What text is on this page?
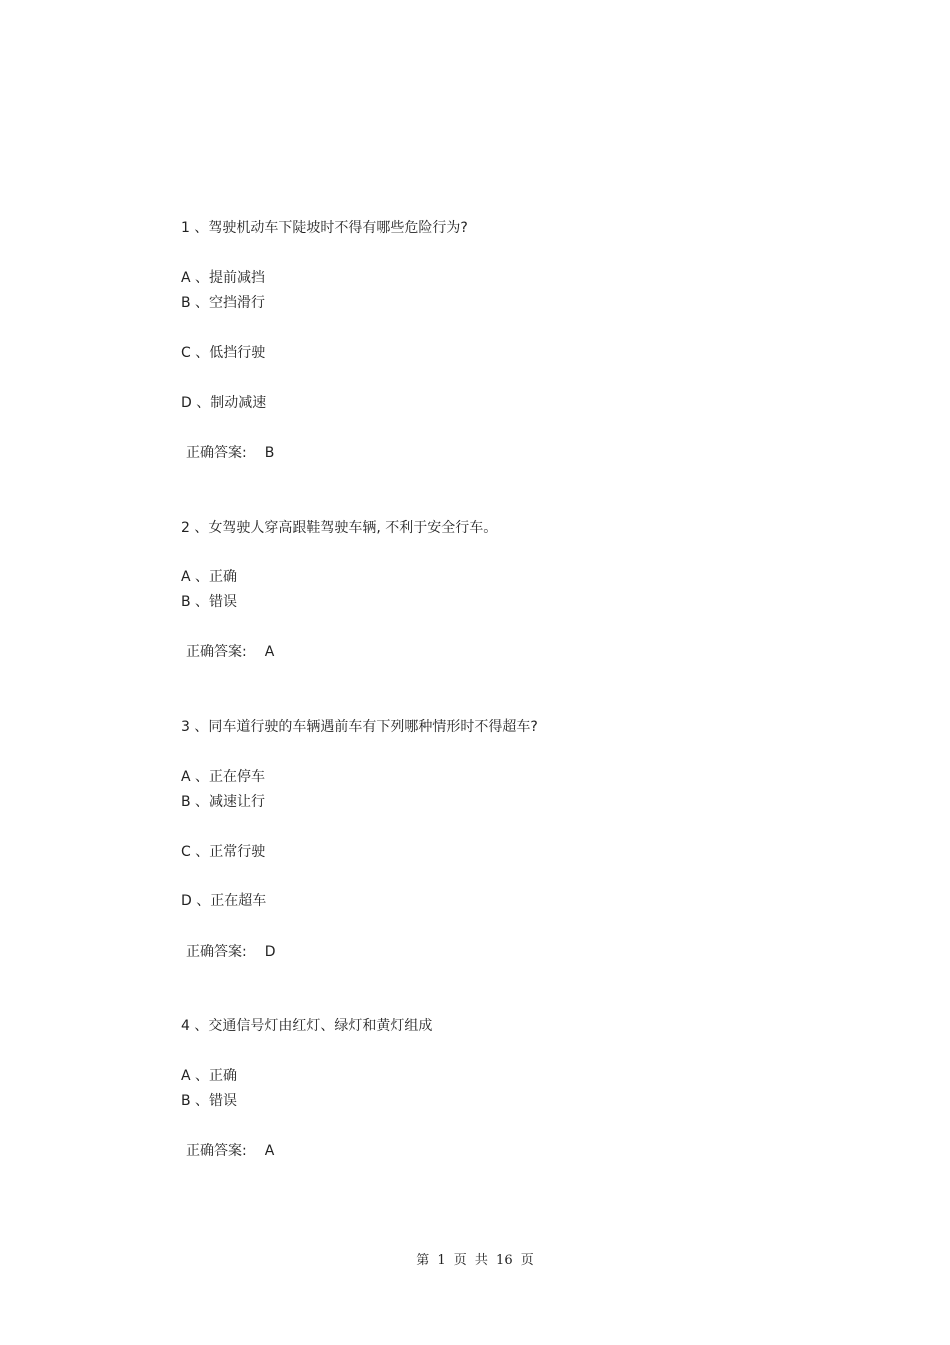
1 、驾驶机动车下陡坡时不得有哪些危险行为?
A 、提前减挡
B 、空挡滑行
C 、低挡行驶
D 、制动减速
正确答案: B
2 、女驾驶人穿高跟鞋驾驶车辆, 不利于安全行车。
A 、正确
B 、错误
正确答案: A
3 、同车道行驶的车辆遇前车有下列哪种情形时不得超车?
A 、正在停车
B 、减速让行
C 、正常行驶
D 、正在超车
正确答案: D
4 、交通信号灯由红灯、绿灯和黄灯组成
A 、正确
B 、错误
正确答案: A
第 1 页 共 16 页
